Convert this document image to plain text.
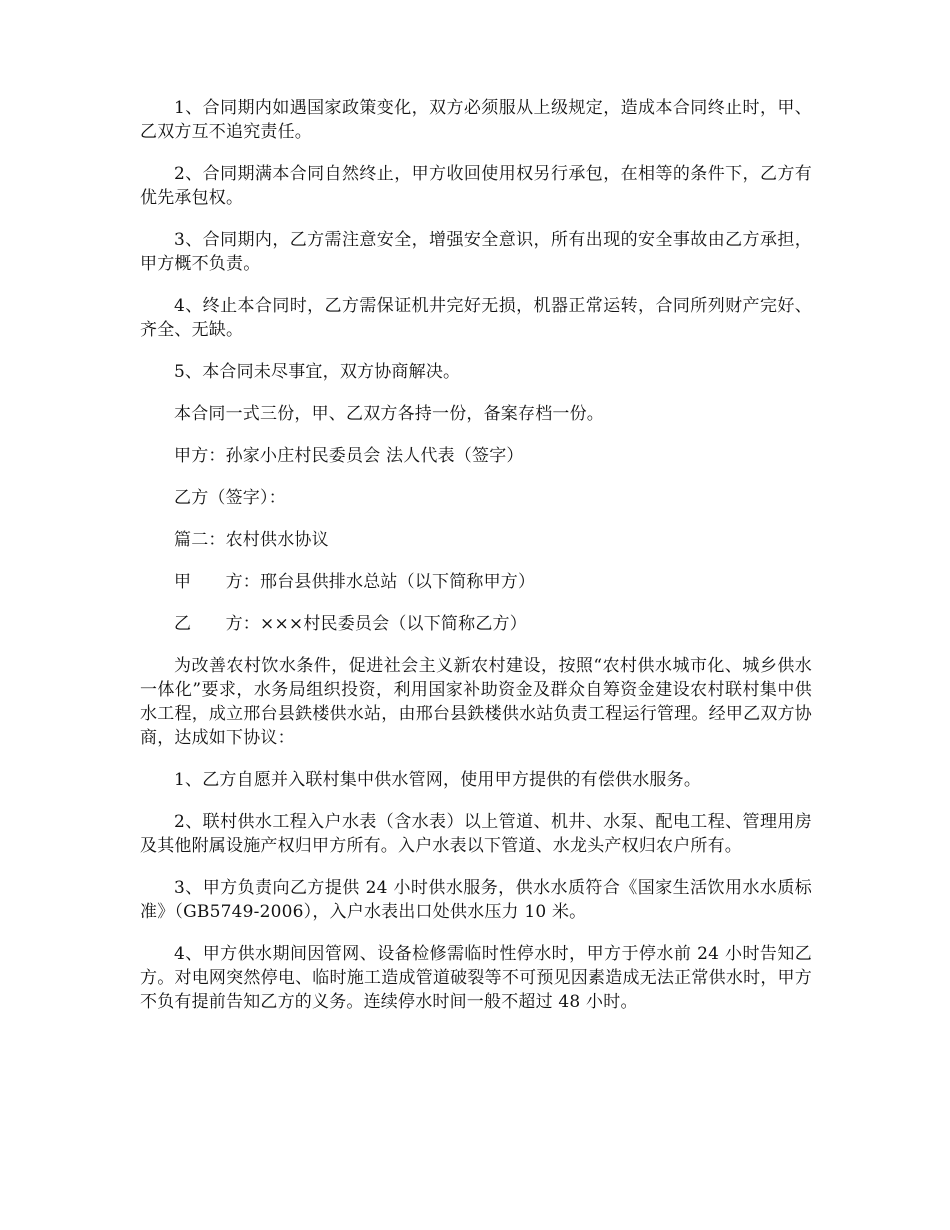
1、合同期内如遇国家政策变化，双方必须服从上级规定，造成本合同终止时，甲、乙双方互不追究责任。

2、合同期满本合同自然终止，甲方收回使用权另行承包，在相等的条件下，乙方有优先承包权。

3、合同期内，乙方需注意安全，增强安全意识，所有出现的安全事故由乙方承担，甲方概不负责。

4、终止本合同时，乙方需保证机井完好无损，机器正常运转，合同所列财产完好、齐全、无缺。

5、本合同未尽事宜，双方协商解决。

本合同一式三份，甲、乙双方各持一份，备案存档一份。

甲方：孙家小庄村民委员会 法人代表（签字）

乙方（签字）：

篇二：农村供水协议

甲　　方：邢台县供排水总站（以下简称甲方）

乙　　方：×××村民委员会（以下简称乙方）

为改善农村饮水条件，促进社会主义新农村建设，按照“农村供水城市化、城乡供水一体化”要求，水务局组织投资，利用国家补助资金及群众自筹资金建设农村联村集中供水工程，成立邢台县鉄楼供水站，由邢台县鉄楼供水站负责工程运行管理。经甲乙双方协商，达成如下协议：

1、乙方自愿并入联村集中供水管网，使用甲方提供的有偿供水服务。

2、联村供水工程入户水表（含水表）以上管道、机井、水泵、配电工程、管理用房及其他附属设施产权归甲方所有。入户水表以下管道、水龙头产权归农户所有。

3、甲方负责向乙方提供 24 小时供水服务，供水水质符合《国家生活饮用水水质标准》（GB5749-2006），入户水表出口处供水压力 10 米。

4、甲方供水期间因管网、设备检修需临时性停水时，甲方于停水前 24 小时告知乙方。对电网突然停电、临时施工造成管道破裂等不可预见因素造成无法正常供水时，甲方不负有提前告知乙方的义务。连续停水时间一般不超过 48 小时。
